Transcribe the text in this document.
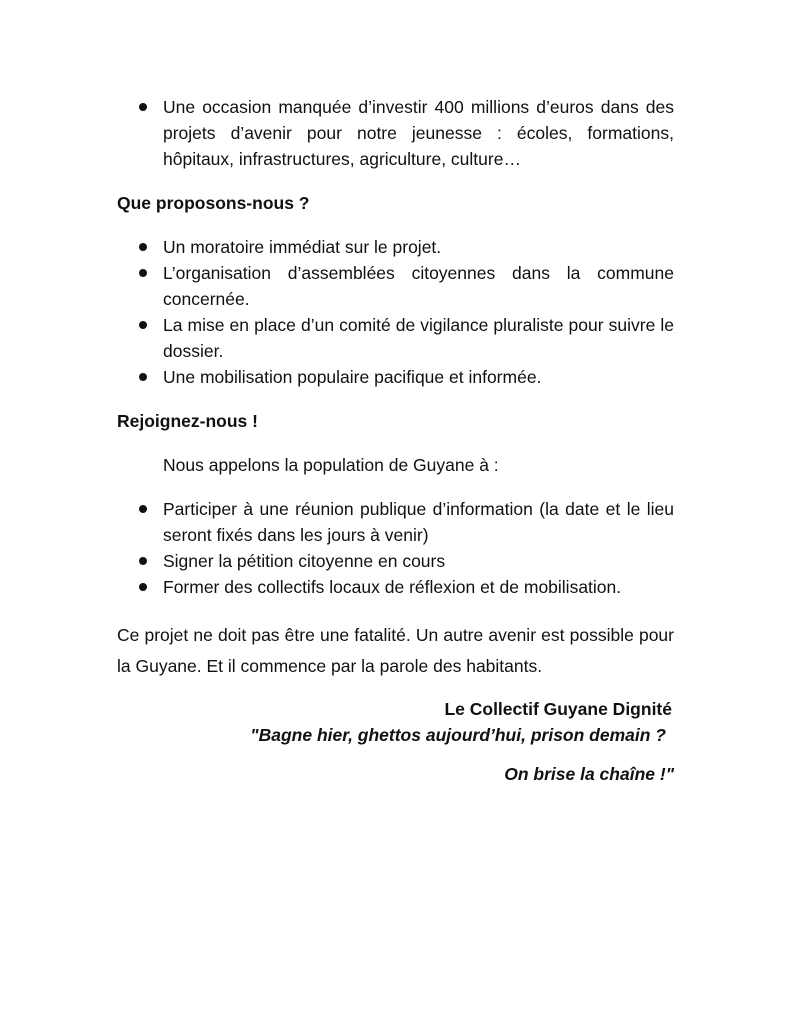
Une occasion manquée d’investir 400 millions d’euros dans des projets d’avenir pour notre jeunesse : écoles, formations, hôpitaux, infrastructures, agriculture, culture…

Que proposons-nous ?

Un moratoire immédiat sur le projet.
L’organisation d’assemblées citoyennes dans la commune concernée.
La mise en place d’un comité de vigilance pluraliste pour suivre le dossier.
Une mobilisation populaire pacifique et informée.

Rejoignez-nous !

Nous appelons la population de Guyane à :

Participer à une réunion publique d’information (la date et le lieu seront fixés dans les jours à venir)
Signer la pétition citoyenne en cours
Former des collectifs locaux de réflexion et de mobilisation.

Ce projet ne doit pas être une fatalité. Un autre avenir est possible pour la Guyane. Et il commence par la parole des habitants.

Le Collectif Guyane Dignité

"Bagne hier, ghettos aujourd’hui, prison demain ?

On brise la chaîne !"
